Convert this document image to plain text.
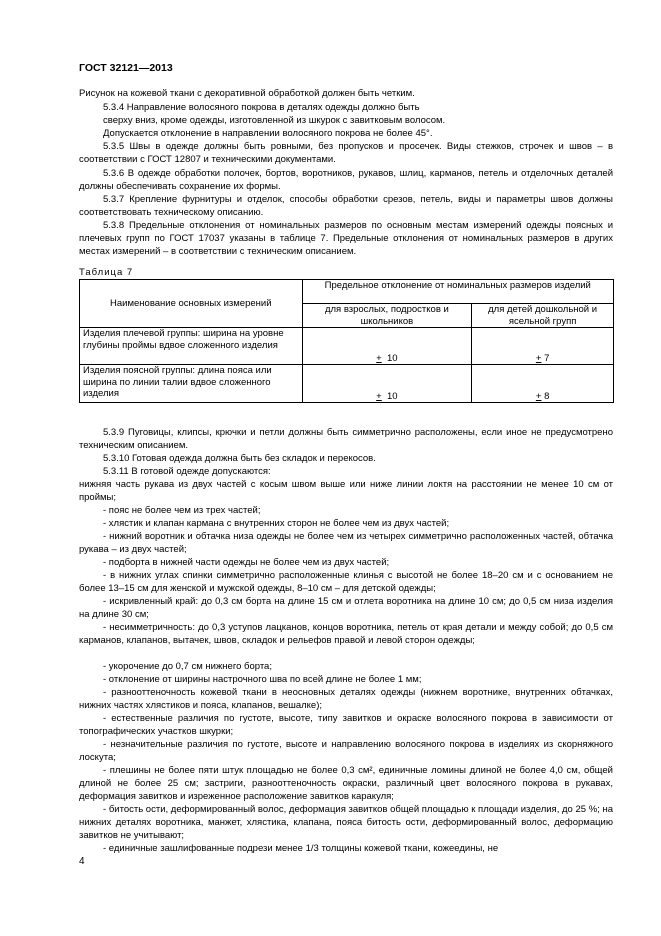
ГОСТ 32121—2013
Рисунок на кожевой ткани с декоративной обработкой должен быть четким.
5.3.4 Направление волосяного покрова в деталях одежды должно быть
сверху вниз, кроме одежды, изготовленной из шкурок с завитковым волосом.
Допускается отклонение в направлении волосяного покрова не более 45°.
5.3.5 Швы в одежде должны быть ровными, без пропусков и просечек. Виды стежков, строчек и швов – в соответствии с ГОСТ 12807 и техническими документами.
5.3.6 В одежде обработки полочек, бортов, воротников, рукавов, шлиц, карманов, петель и отделочных деталей должны обеспечивать сохранение их формы.
5.3.7 Крепление фурнитуры и отделок, способы обработки срезов, петель, виды и параметры швов должны соответствовать техническому описанию.
5.3.8 Предельные отклонения от номинальных размеров по основным местам измерений одежды поясных и плечевых групп по ГОСТ 17037 указаны в таблице 7. Предельные отклонения от номинальных размеров в других местах измерений – в соответствии с техническим описанием.
Таблица 7
Наименование основных измерений	Предельное отклонение от номинальных размеров изделий	
	для взрослых, подростков и школьников	для детей дошкольной и ясельной групп
Изделия плечевой группы: ширина на уровне глубины проймы вдвое сложенного изделия	+ 10	+ 7
Изделия поясной группы: длина пояса или ширина по линии талии вдвое сложенного изделия	+ 10	+ 8
5.3.9 Пуговицы, клипсы, крючки и петли должны быть симметрично расположены, если иное не предусмотрено техническим описанием.
5.3.10 Готовая одежда должна быть без складок и перекосов.
5.3.11 В готовой одежде допускаются:
нижняя часть рукава из двух частей с косым швом выше или ниже линии локтя на расстоянии не менее 10 см от проймы;
- пояс не более чем из трех частей;
- хлястик и клапан кармана с внутренних сторон не более чем из двух частей;
- нижний воротник и обтачка низа одежды не более чем из четырех симметрично расположенных частей, обтачка рукава – из двух частей;
- подборта в нижней части одежды не более чем из двух частей;
- в нижних углах спинки симметрично расположенные клинья с высотой не более 18–20 см и с основанием не более 13–15 см для женской и мужской одежды, 8–10 см – для детской одежды;
- искривленный край: до 0,3 см борта на длине 15 см и отлета воротника на длине 10 см; до 0,5 см низа изделия на длине 30 см;
- несимметричность: до 0,3 уступов лацканов, концов воротника, петель от края детали и между собой; до 0,5 см карманов, клапанов, вытачек, швов, складок и рельефов правой и левой сторон одежды;
- укорочение до 0,7 см нижнего борта;
- отклонение от ширины настрочного шва по всей длине не более 1 мм;
- разнооттеночность кожевой ткани в неосновных деталях одежды (нижнем воротнике, внутренних обтачках, нижних частях хлястиков и пояса, клапанов, вешалке);
- естественные различия по густоте, высоте, типу завитков и окраске волосяного покрова в зависимости от топографических участков шкурки;
- незначительные различия по густоте, высоте и направлению волосяного покрова в изделиях из скорняжного лоскута;
- плешины не более пяти штук площадью не более 0,3 см², единичные ломины длиной не более 4,0 см, общей длиной не более 25 см; застриги, разнооттеночность окраски, различный цвет волосяного покрова в рукавах, деформация завитков и изреженное расположение завитков каракуля;
- битость ости, деформированный волос, деформация завитков общей площадью к площади изделия, до 25 %; на нижних деталях воротника, манжет, хлястика, клапана, пояса битость ости, деформированный волос, деформацию завитков не учитывают;
- единичные зашлифованные подрези менее 1/3 толщины кожевой ткани, кожеедины, не
4
